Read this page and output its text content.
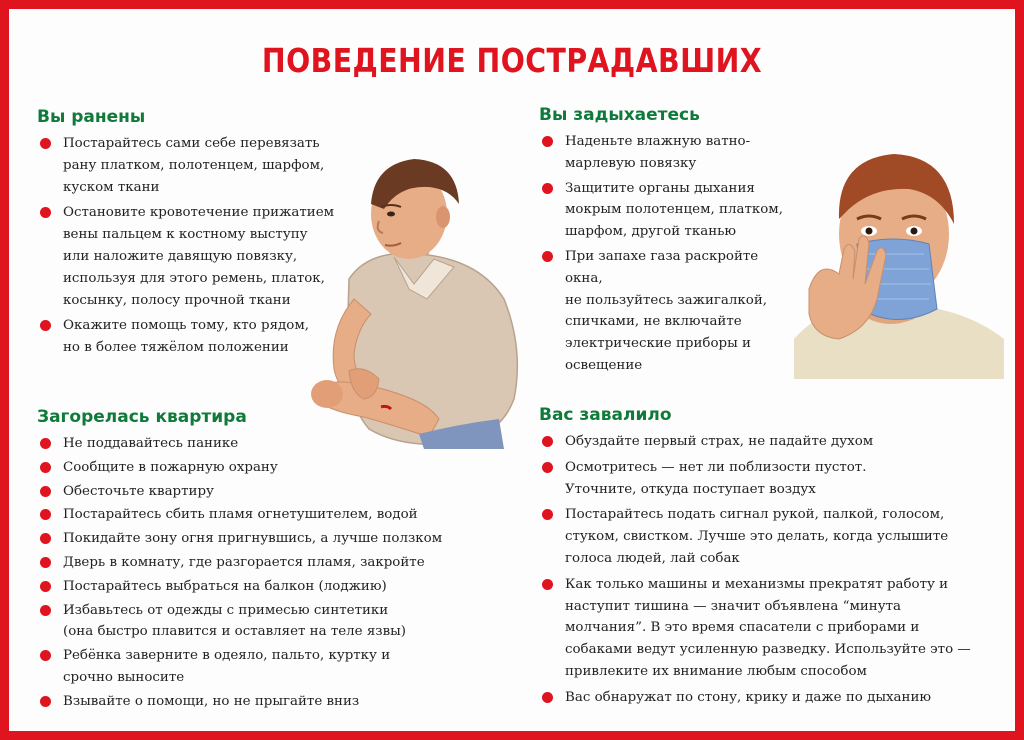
ПОВЕДЕНИЕ ПОСТРАДАВШИХ
Вы ранены
Постарайтесь сами себе перевязать
рану платком, полотенцем, шарфом,
куском ткани
Остановите кровотечение прижатием
вены пальцем к костному выступу
или наложите давящую повязку,
используя для этого ремень, платок,
косынку, полосу прочной ткани
Окажите помощь тому, кто рядом,
но в более тяжёлом положении
Вы задыхаетесь
Наденьте влажную ватно-
марлевую повязку
Защитите органы дыхания
мокрым полотенцем, платком,
шарфом, другой тканью
При запахе газа раскройте окна,
не пользуйтесь зажигалкой,
спичками, не включайте
электрические приборы и
освещение
Загорелась квартира
Не поддавайтесь панике
Сообщите в пожарную охрану
Обесточьте квартиру
Постарайтесь сбить пламя огнетушителем, водой
Покидайте зону огня пригнувшись, а лучше ползком
Дверь в комнату, где разгорается пламя, закройте
Постарайтесь выбраться на балкон (лоджию)
Избавьтесь от одежды с примесью синтетики
(она быстро плавится и оставляет на теле язвы)
Ребёнка заверните в одеяло, пальто, куртку и
срочно выносите
Взывайте о помощи, но не прыгайте вниз
Вас завалило
Обуздайте первый страх, не падайте духом
Осмотритесь — нет ли поблизости пустот.
Уточните, откуда поступает воздух
Постарайтесь подать сигнал рукой, палкой, голосом,
стуком, свистком. Лучше это делать, когда услышите
голоса людей, лай собак
Как только машины и механизмы прекратят работу и
наступит тишина — значит объявлена “минута
молчания”. В это время спасатели с приборами и
собаками ведут усиленную разведку. Используйте это —
привлеките их внимание любым способом
Вас обнаружат по стону, крику и даже по дыханию
